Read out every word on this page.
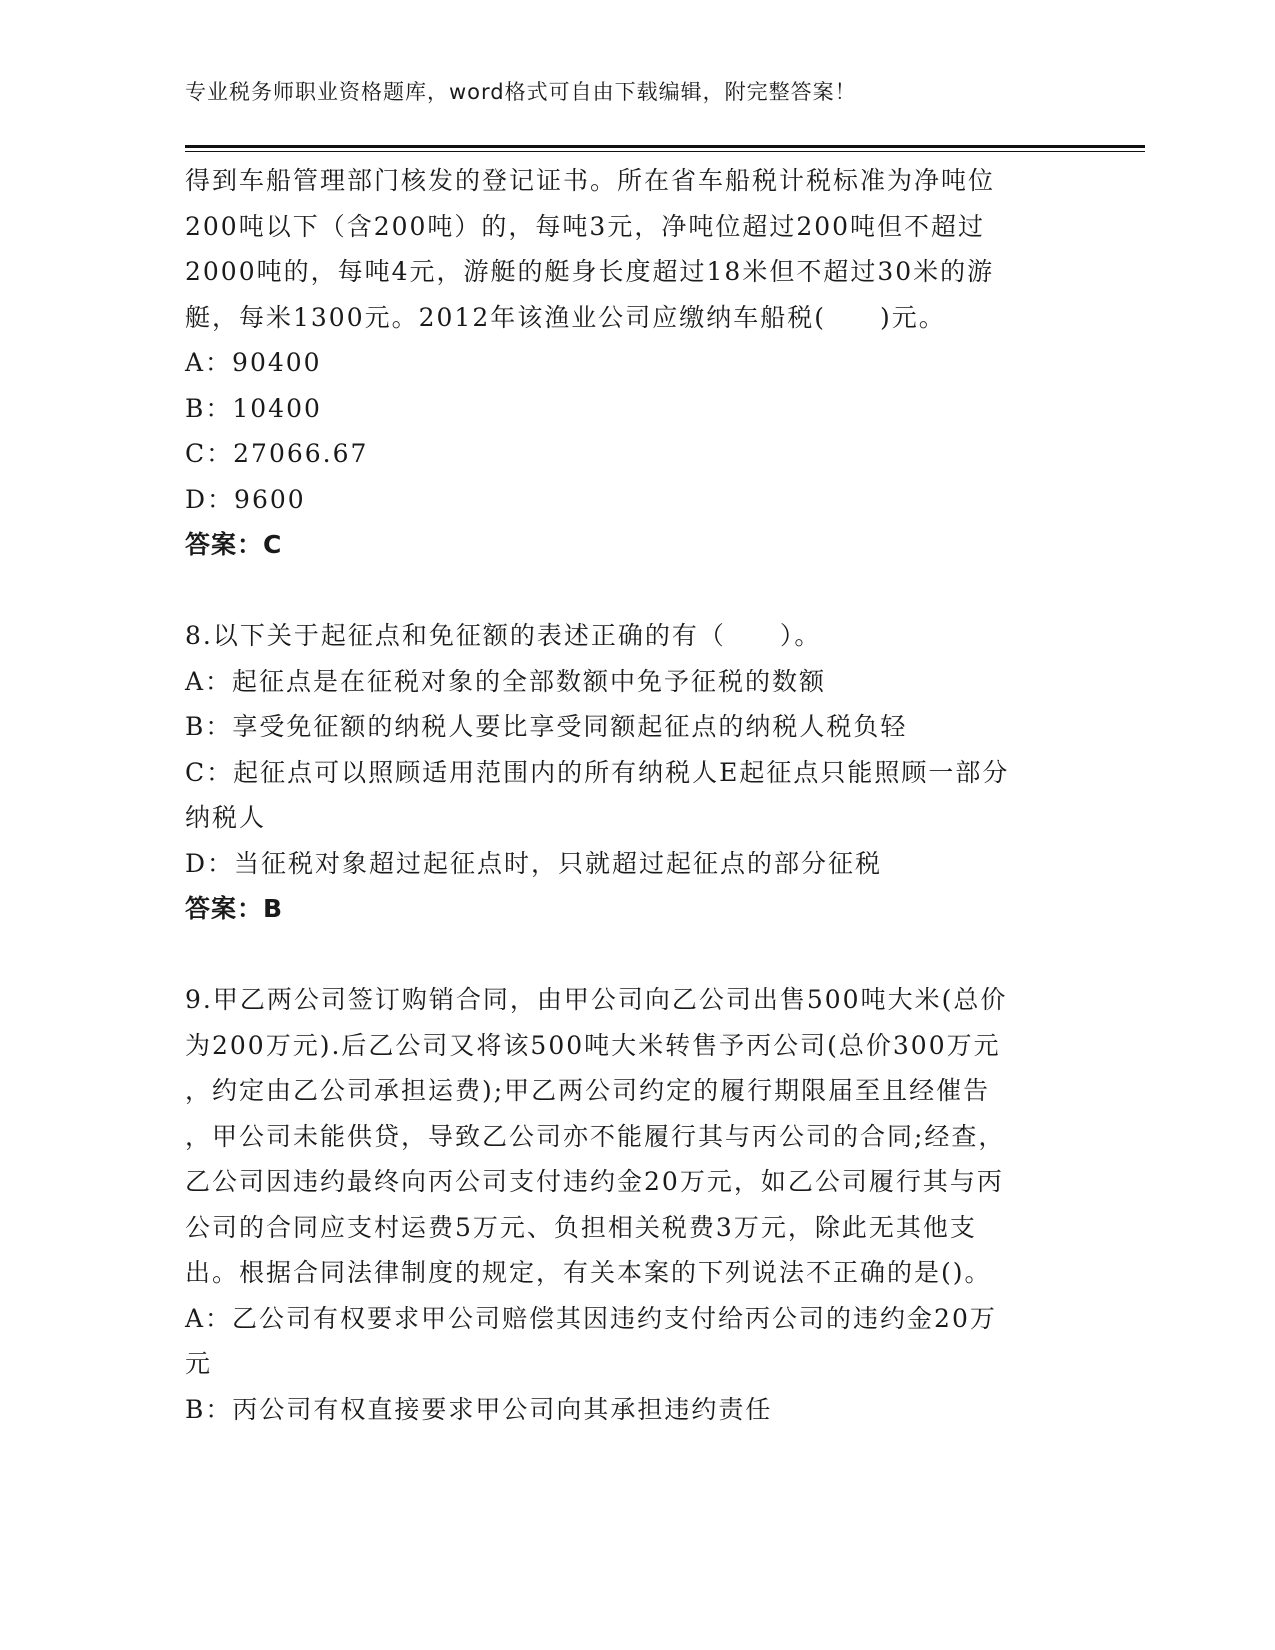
专业税务师职业资格题库，word格式可自由下载编辑，附完整答案！
得到车船管理部门核发的登记证书。所在省车船税计税标准为净吨位
200吨以下（含200吨）的，每吨3元，净吨位超过200吨但不超过
2000吨的，每吨4元，游艇的艇身长度超过18米但不超过30米的游
艇，每米1300元。2012年该渔业公司应缴纳车船税(　　)元。
A：90400
B：10400
C：27066.67
D：9600
答案：C
8.以下关于起征点和免征额的表述正确的有（　　）。
A：起征点是在征税对象的全部数额中免予征税的数额
B：享受免征额的纳税人要比享受同额起征点的纳税人税负轻
C：起征点可以照顾适用范围内的所有纳税人E起征点只能照顾一部分
纳税人
D：当征税对象超过起征点时，只就超过起征点的部分征税
答案：B
9.甲乙两公司签订购销合同，由甲公司向乙公司出售500吨大米(总价
为200万元).后乙公司又将该500吨大米转售予丙公司(总价300万元
，约定由乙公司承担运费);甲乙两公司约定的履行期限届至且经催告
，甲公司未能供贷，导致乙公司亦不能履行其与丙公司的合同;经查，
乙公司因违约最终向丙公司支付违约金20万元，如乙公司履行其与丙
公司的合同应支村运费5万元、负担相关税费3万元，除此无其他支
出。根据合同法律制度的规定，有关本案的下列说法不正确的是()。
A：乙公司有权要求甲公司赔偿其因违约支付给丙公司的违约金20万
元
B：丙公司有权直接要求甲公司向其承担违约责任
